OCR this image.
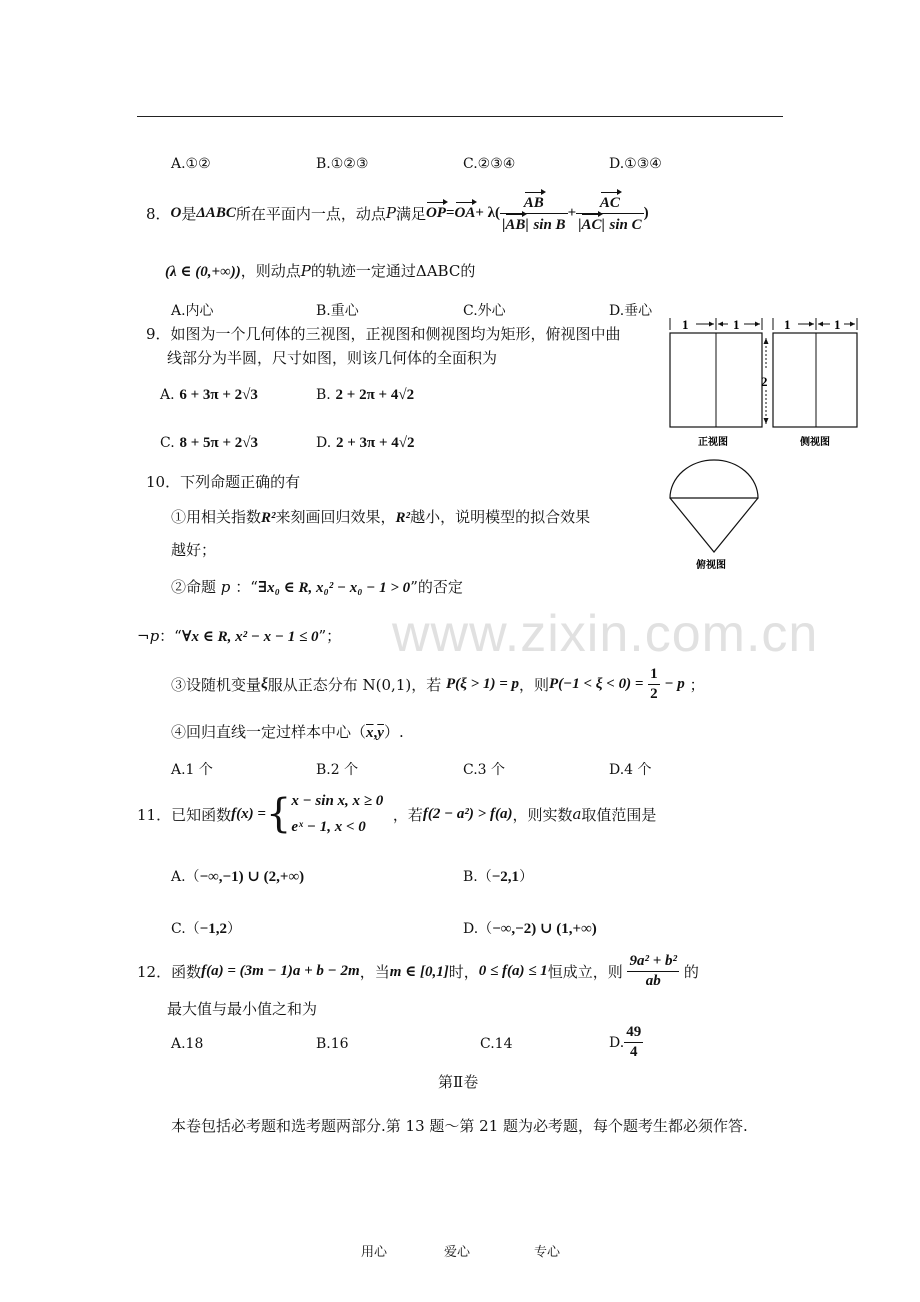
A.①②	B.①②③	C.②③④	D.①③④
8． O 是 ΔABC 所在平面内一点，动点 P 满足 OP = OA + $\lambda( \frac{AB}{\text{|AB| sin B}} + \frac{AC}{\text{|AC| sin C}}$ )
(λ ∈ (0,+∞))，则动点P的轨迹一定通过ΔABC的
A.内心	B.重心	C.外心	D.垂心
9．如图为一个几何体的三视图，正视图和侧视图均为矩形，俯视图中曲
线部分为半圆，尺寸如图，则该几何体的全面积为
A. 6 + 3π + 2√3	B. 2 + 2π + 4√2
C. 8 + 5π + 2√3	D. 2 + 3π + 4√2
1	1	1	1
2
正视图	侧视图
俯视图
10．下列命题正确的有
①用相关指数R²来刻画回归效果，R²越小，说明模型的拟合效果
越好；
②命题 p ：“∃x₀ ∈ R, x₀² − x₀ − 1 > 0”的否定
¬p：“∀x ∈ R, x² − x − 1 ≤ 0”； www.zixin.com.cn
③设随机变量 ξ 服从正态分布 N(0,1)，若
P(ξ > 1) = p ，则 P(−1 < ξ < 0) =
$\frac{1}{2}$
− p
；
④回归直线一定过样本中心$(\overline{x},\overline{y})$.
A.1 个	B.2 个	C.3 个	D.4 个
11．已知函数 f(x) = { x − sin x, x ≥ 0
eˣ − 1, x < 0

，若 f(2 − a²) > f(a) ，则实数 a 取值范围是
A.（−∞,−1) ∪ (2,+∞)	B.（−2,1）
C.（−1,2）	D.（−∞,−2) ∪ (1,+∞)
12．函数 f(a) = (3m − 1)a + b − 2m ，当 m ∈ [0,1] 时， 0 ≤ f(a) ≤ 1 恒成立，则
$\frac{\text{9a² + b²}}{ab}$
的
最大值与最小值之和为
A.18	B.16	C.14	D. $\frac{49}{4}$
第Ⅱ卷
本卷包括必考题和选考题两部分.第 13 题～第 21 题为必考题，每个题考生都必须作答.
用心	爱心	专心
